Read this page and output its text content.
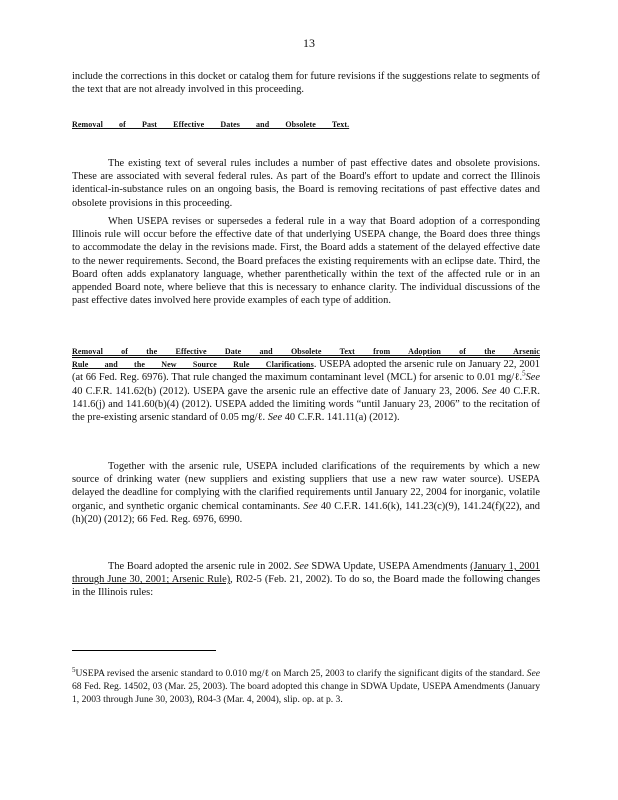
13
include the corrections in this docket or catalog them for future revisions if the suggestions relate to segments of the text that are not already involved in this proceeding.
Removal of Past Effective Dates and Obsolete Text.
The existing text of several rules includes a number of past effective dates and obsolete provisions. These are associated with several federal rules. As part of the Board's effort to update and correct the Illinois identical-in-substance rules on an ongoing basis, the Board is removing recitations of past effective dates and obsolete provisions in this proceeding.
When USEPA revises or supersedes a federal rule in a way that Board adoption of a corresponding Illinois rule will occur before the effective date of that underlying USEPA change, the Board does three things to accommodate the delay in the revisions made. First, the Board adds a statement of the delayed effective date to the newer requirements. Second, the Board prefaces the existing requirements with an eclipse date. Third, the Board often adds explanatory language, whether parenthetically within the text of the affected rule or in an appended Board note, where believe that this is necessary to enhance clarity. The individual discussions of the past effective dates involved here provide examples of each type of addition.
Removal of the Effective Date and Obsolete Text from Adoption of the Arsenic Rule and the New Source Rule Clarifications. USEPA adopted the arsenic rule on January 22, 2001 (at 66 Fed. Reg. 6976). That rule changed the maximum contaminant level (MCL) for arsenic to 0.01 mg/ℓ.$^5$See 40 C.F.R. 141.62(b) (2012). USEPA gave the arsenic rule an effective date of January 23, 2006. See 40 C.F.R. 141.6(j) and 141.60(b)(4) (2012). USEPA added the limiting words “until January 23, 2006” to the recitation of the pre-existing arsenic standard of 0.05 mg/ℓ. See 40 C.F.R. 141.11(a) (2012).
Together with the arsenic rule, USEPA included clarifications of the requirements by which a new source of drinking water (new suppliers and existing suppliers that use a new raw water source). USEPA delayed the deadline for complying with the clarified requirements until January 22, 2004 for inorganic, volatile organic, and synthetic organic chemical contaminants. See 40 C.F.R. 141.6(k), 141.23(c)(9), 141.24(f)(22), and (h)(20) (2012); 66 Fed. Reg. 6976, 6990.
The Board adopted the arsenic rule in 2002. See SDWA Update, USEPA Amendments (January 1, 2001 through June 30, 2001; Arsenic Rule), R02-5 (Feb. 21, 2002). To do so, the Board made the following changes in the Illinois rules:
$^5$USEPA revised the arsenic standard to 0.010 mg/ℓ on March 25, 2003 to clarify the significant digits of the standard. See 68 Fed. Reg. 14502, 03 (Mar. 25, 2003). The board adopted this change in SDWA Update, USEPA Amendments (January 1, 2003 through June 30, 2003), R04-3 (Mar. 4, 2004), slip. op. at p. 3.
